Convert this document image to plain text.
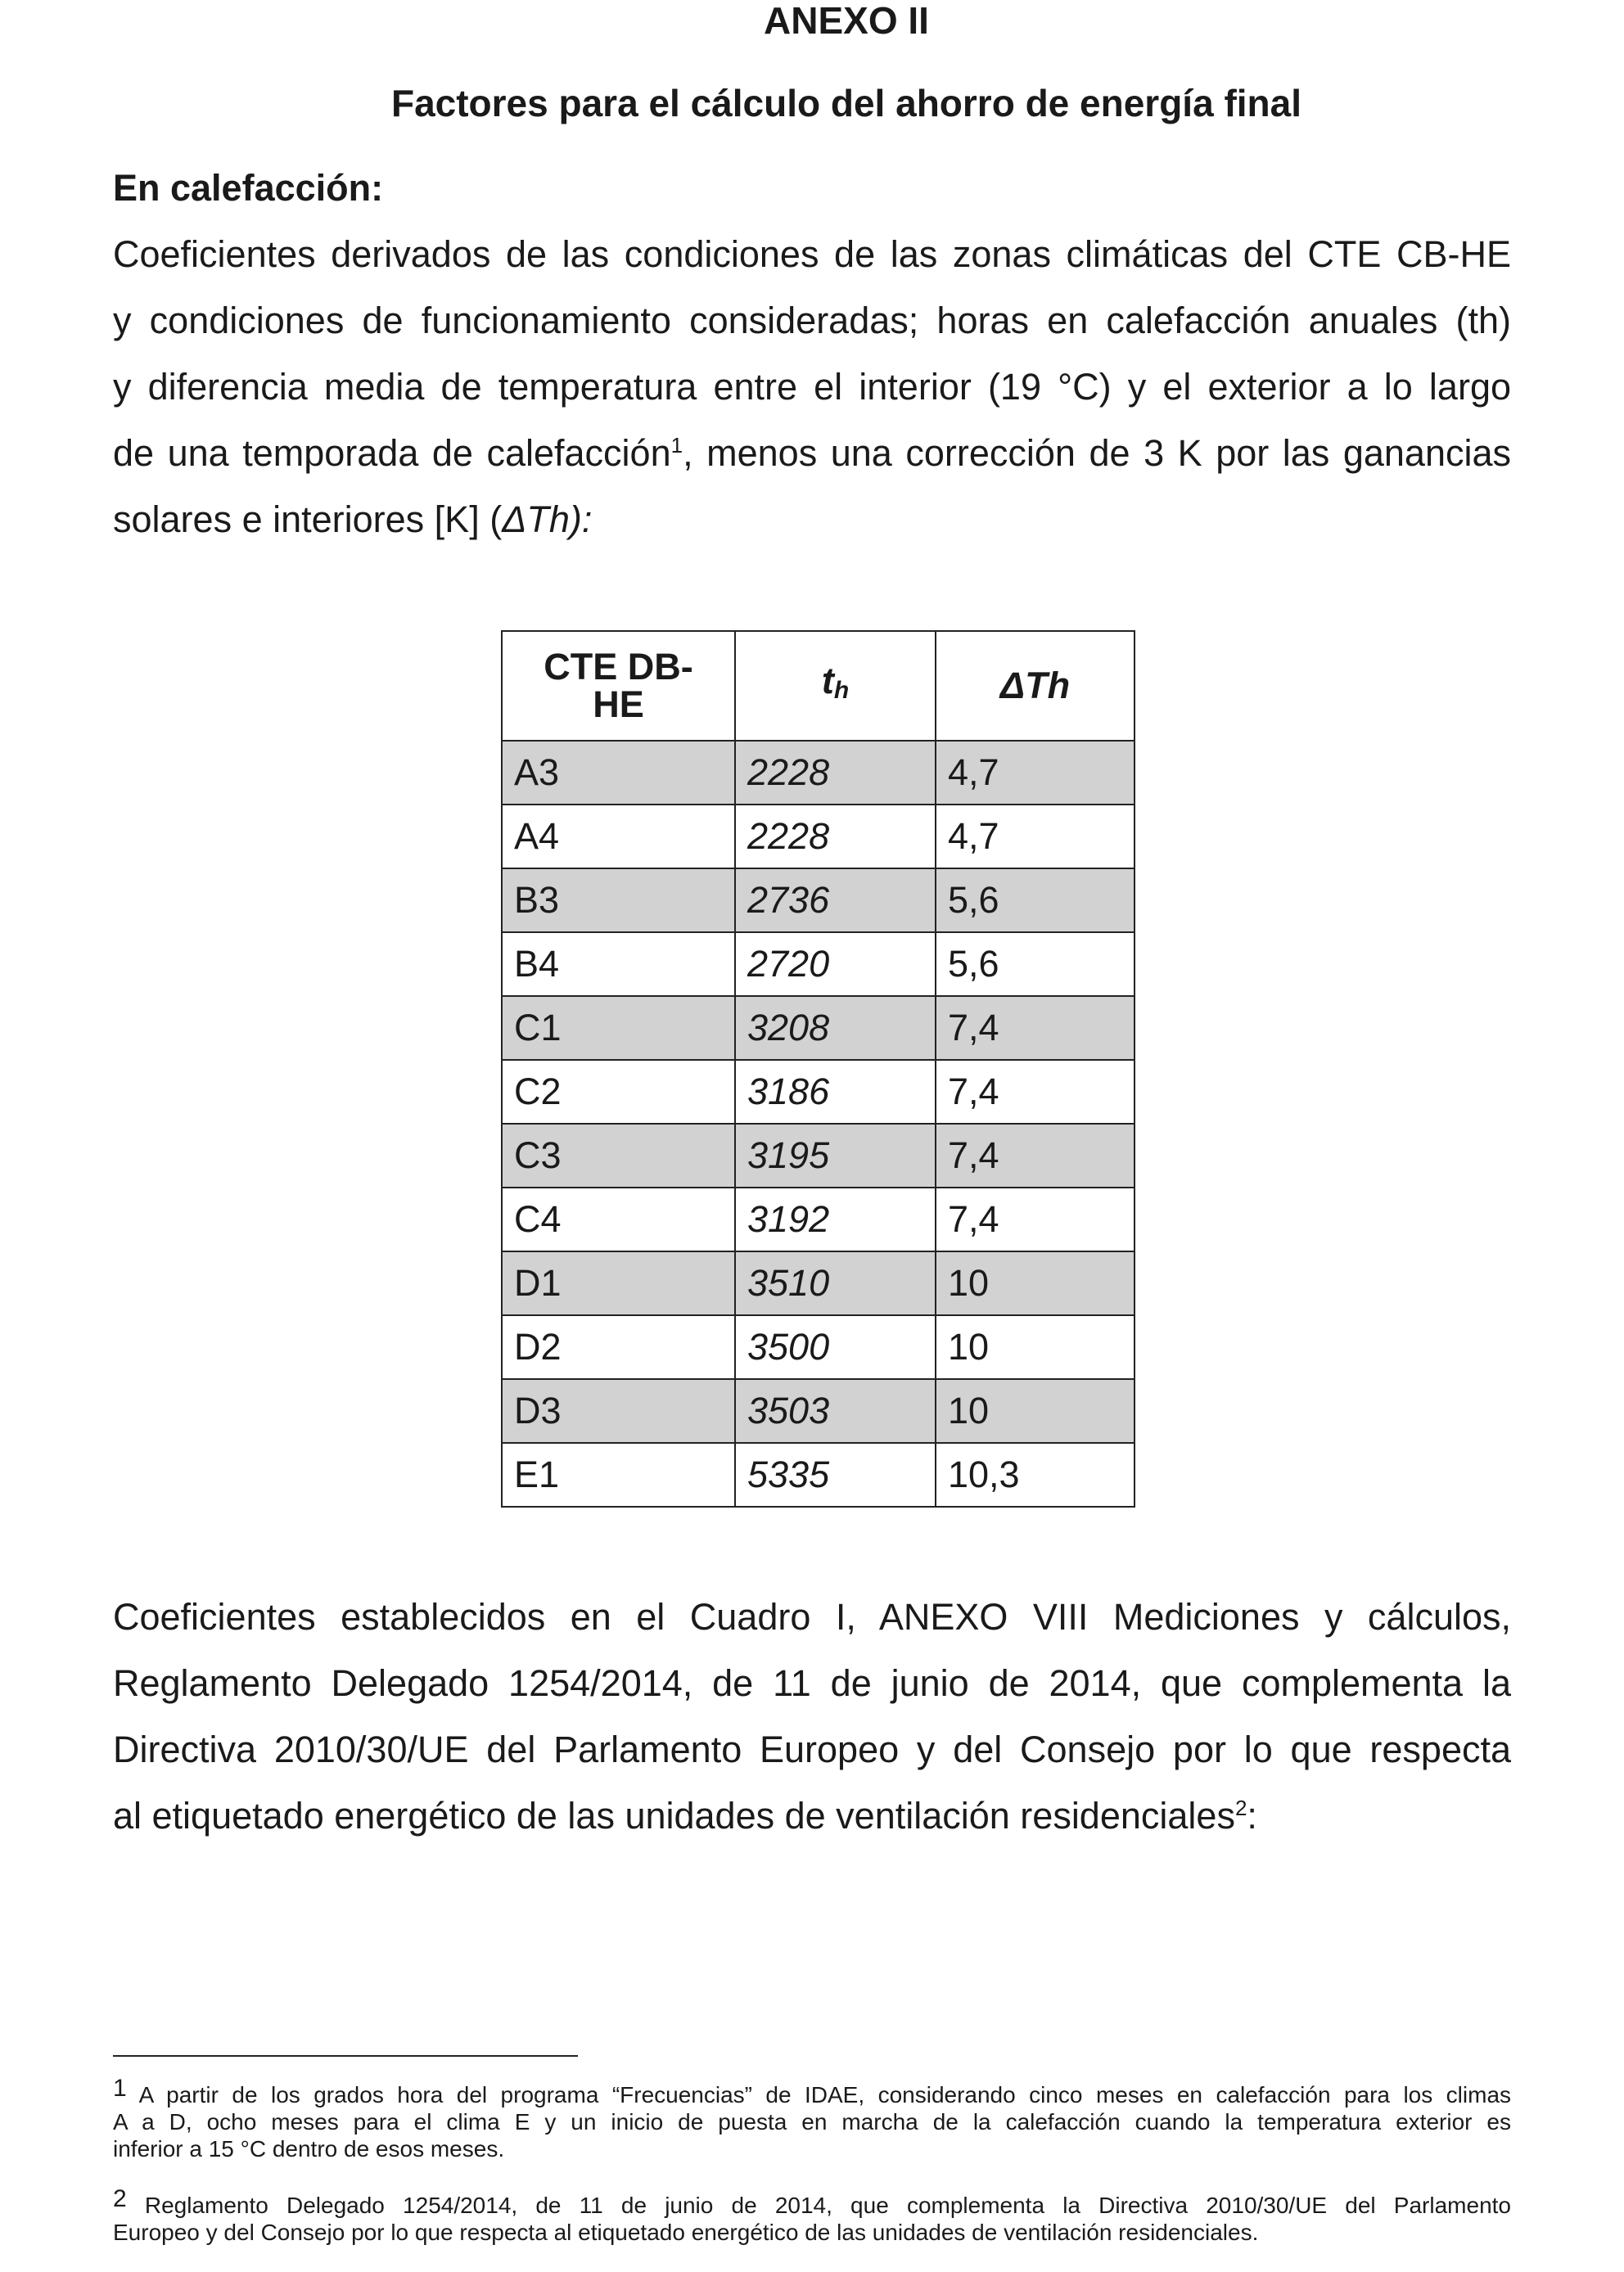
ANEXO II
Factores para el cálculo del ahorro de energía final
En calefacción:

Coeficientes derivados de las condiciones de las zonas climáticas del CTE CB-HE
y condiciones de funcionamiento consideradas; horas en calefacción anuales (th)
y diferencia media de temperatura entre el interior (19 °C) y el exterior a lo largo
de una temporada de calefacción$^1$, menos una corrección de 3 K por las ganancias
solares e interiores [K] (ΔTh):

CTE DB-HE	th	ΔTh
A3	2228	4,7
A4	2228	4,7
B3	2736	5,6
B4	2720	5,6
C1	3208	7,4
C2	3186	7,4
C3	3195	7,4
C4	3192	7,4
D1	3510	10
D2	3500	10
D3	3503	10
E1	5335	10,3

Coeficientes establecidos en el Cuadro I, ANEXO VIII Mediciones y cálculos,
Reglamento Delegado 1254/2014, de 11 de junio de 2014, que complementa la
Directiva 2010/30/UE del Parlamento Europeo y del Consejo por lo que respecta
al etiquetado energético de las unidades de ventilación residenciales$^2$:

1 A partir de los grados hora del programa “Frecuencias” de IDAE, considerando cinco meses en calefacción para los climas
A a D, ocho meses para el clima E y un inicio de puesta en marcha de la calefacción cuando la temperatura exterior es
inferior a 15 °C dentro de esos meses.

2 Reglamento Delegado 1254/2014, de 11 de junio de 2014, que complementa la Directiva 2010/30/UE del Parlamento
Europeo y del Consejo por lo que respecta al etiquetado energético de las unidades de ventilación residenciales.
